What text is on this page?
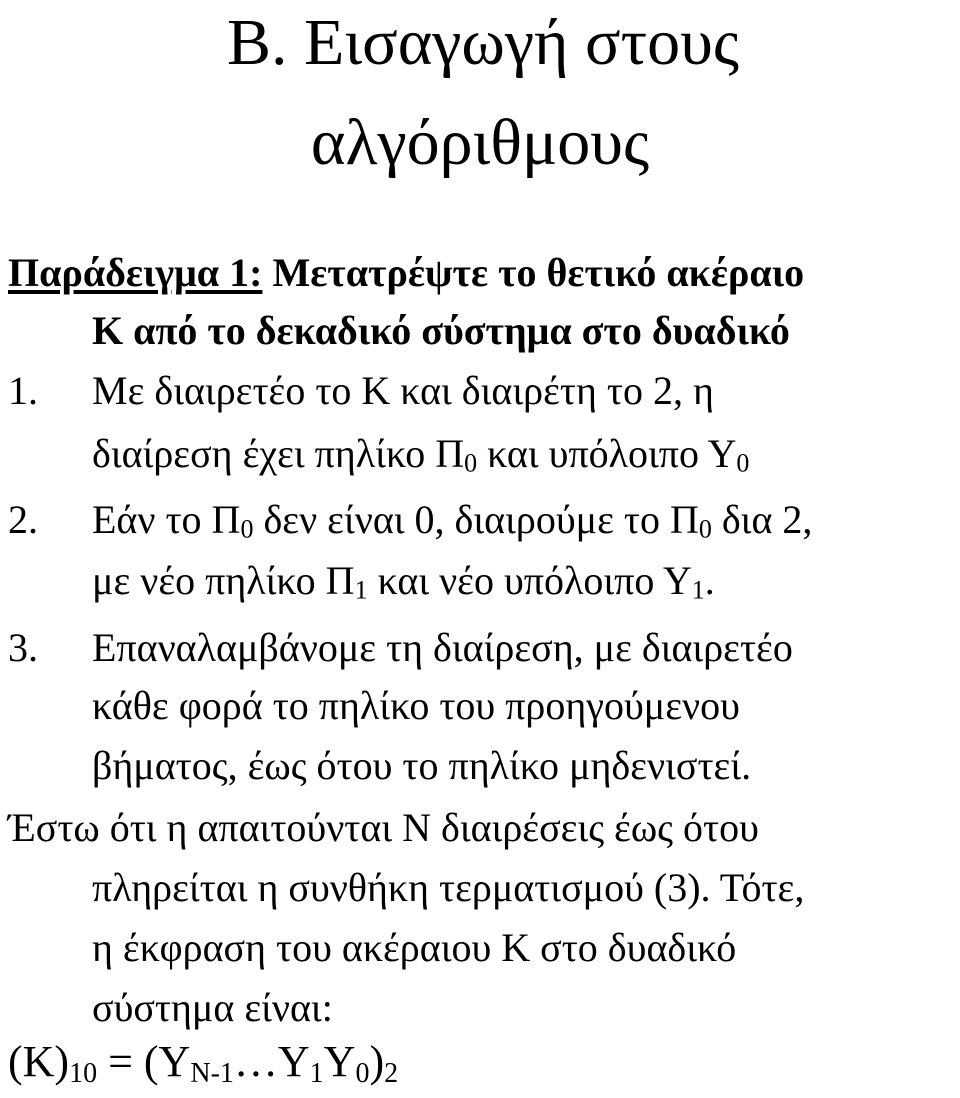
Β. Εισαγωγή στους
αλγόριθμους
Παράδειγμα 1: Μετατρέψτε το θετικό ακέραιο
Κ από το δεκαδικό σύστημα στο δυαδικό
1. Με διαιρετέο το Κ και διαιρέτη το 2, η
διαίρεση έχει πηλίκο $\Pi_0$ και υπόλοιπο $\Upsilon_0$
2. Εάν το $\Pi_0$ δεν είναι 0, διαιρούμε το $\Pi_0$ δια 2,
με νέο πηλίκο $\Pi_1$ και νέο υπόλοιπο $\Upsilon_1$.
3. Επαναλαμβάνομε τη διαίρεση, με διαιρετέο
κάθε φορά το πηλίκο του προηγούμενου
βήματος, έως ότου το πηλίκο μηδενιστεί.
Έστω ότι η απαιτούνται Ν διαιρέσεις έως ότου
πληρείται η συνθήκη τερματισμού (3). Τότε,
η έκφραση του ακέραιου Κ στο δυαδικό
σύστημα είναι:
$(K)_{10}$ = $(\Upsilon_{N-1}\dots\Upsilon_1\Upsilon_0)_2$
